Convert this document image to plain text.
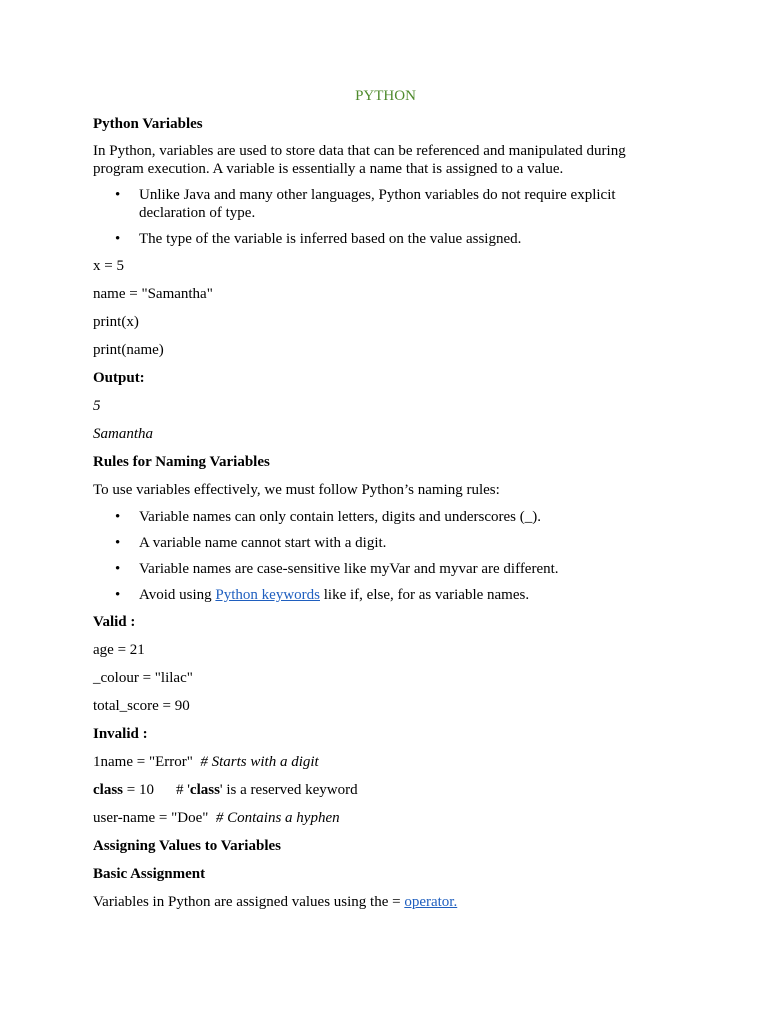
PYTHON

Python Variables

In Python, variables are used to store data that can be referenced and manipulated during program execution. A variable is essentially a name that is assigned to a value.

• Unlike Java and many other languages, Python variables do not require explicit declaration of type.
• The type of the variable is inferred based on the value assigned.

x = 5

name = "Samantha"

print(x)

print(name)

Output:

5

Samantha

Rules for Naming Variables

To use variables effectively, we must follow Python’s naming rules:

• Variable names can only contain letters, digits and underscores (_).
• A variable name cannot start with a digit.
• Variable names are case-sensitive like myVar and myvar are different.
• Avoid using Python keywords like if, else, for as variable names.

Valid :

age = 21

_colour = "lilac"

total_score = 90

Invalid :

1name = "Error" # Starts with a digit

class = 10 # 'class' is a reserved keyword

user-name = "Doe" # Contains a hyphen

Assigning Values to Variables

Basic Assignment

Variables in Python are assigned values using the = operator.
